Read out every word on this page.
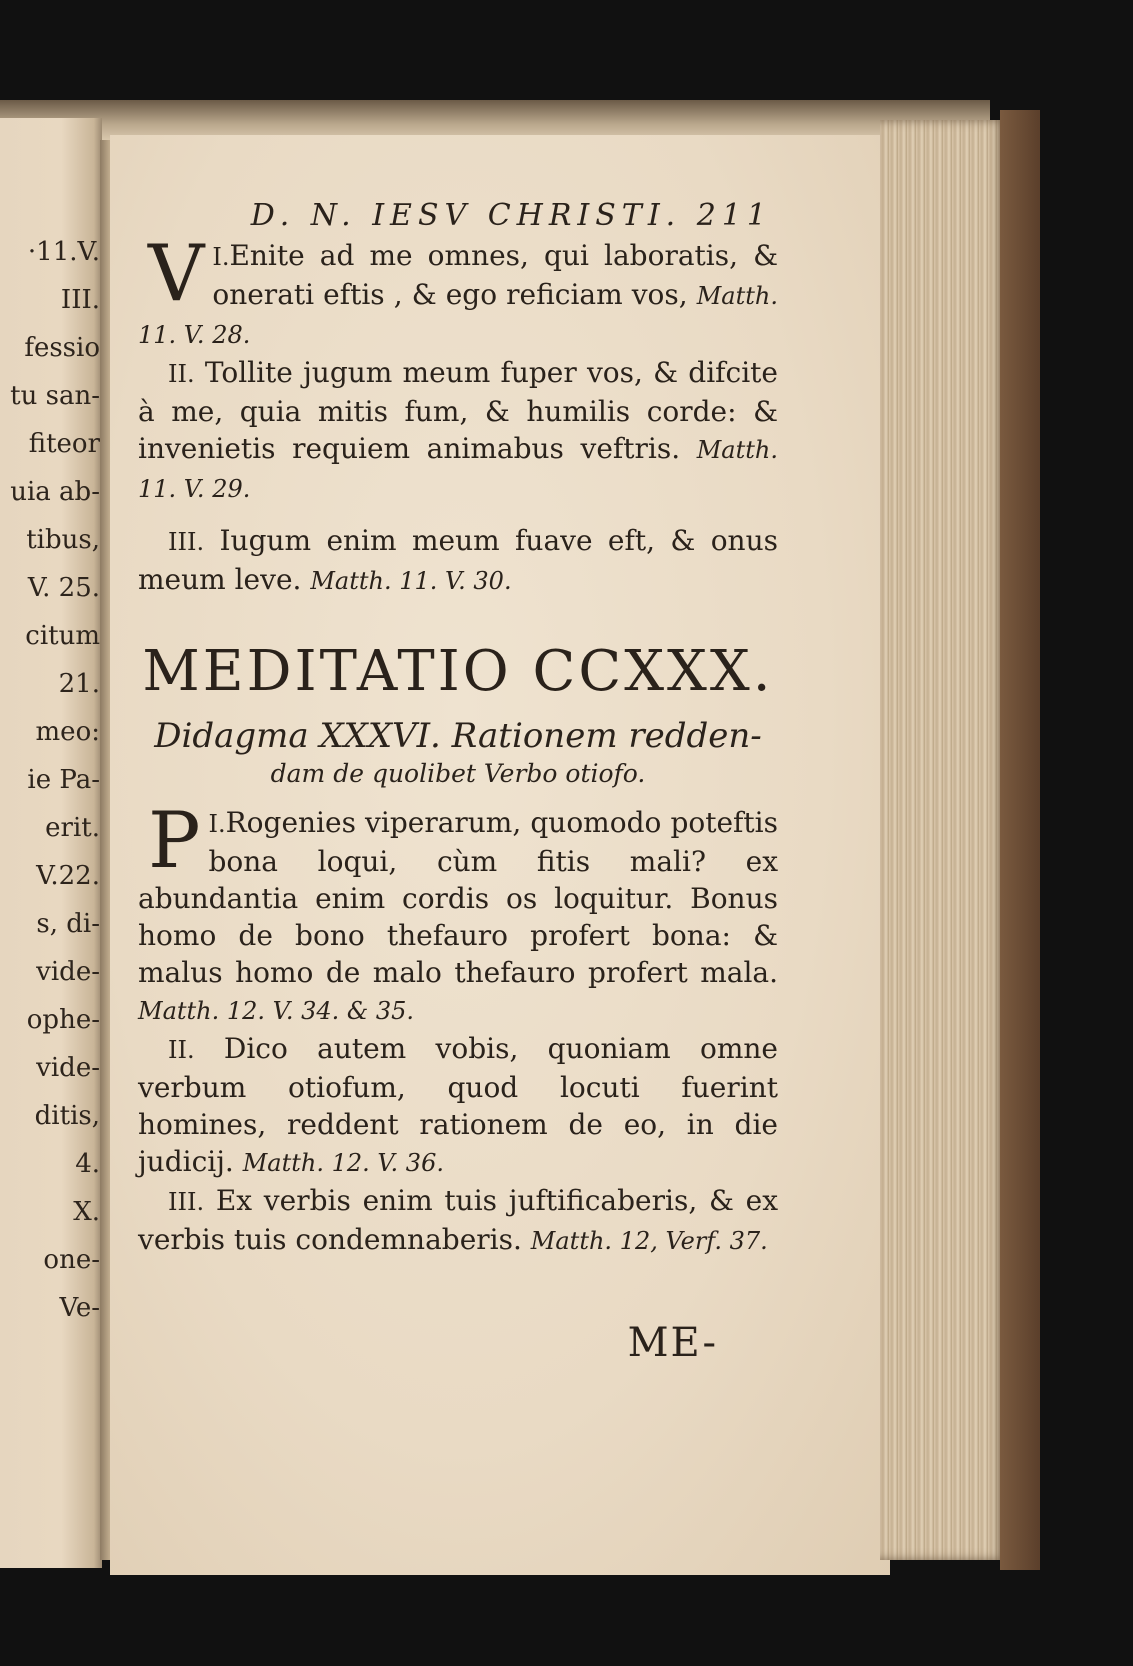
·11.V.
III.
fessio
tu san-
fiteor
uia ab-
tibus,
V. 25.
citum
21.
meo:
ie Pa-
erit.
V.22.
s, di-
vide-
ophe-
vide-
ditis,
4.
X.
one-
Ve-
D. N. IESV CHRISTI. 211

I.
V Enite ad me omnes, qui laboratis, & onerati eftis , & ego reficiam vos, Matth. 11. V. 28.

II. Tollite jugum meum fuper vos, & difcite à me, quia mitis fum, & humilis corde: & invenietis requiem animabus veftris. Matth. 11. V. 29.

III. Iugum enim meum fuave eft, & onus meum leve. Matth. 11. V. 30.

MEDITATIO CCXXX.

Didagma XXXVI. Rationem redden-

dam de quolibet Verbo otiofo.

I.
P Rogenies viperarum, quomodo poteftis bona loqui, cùm fitis mali? ex abundantia enim cordis os loquitur. Bonus homo de bono thefauro profert bona: & malus homo de malo thefauro profert mala. Matth. 12. V. 34. & 35.

II. Dico autem vobis, quoniam omne verbum otiofum, quod locuti fuerint homines, reddent rationem de eo, in die judicij. Matth. 12. V. 36.

III. Ex verbis enim tuis juftificaberis, & ex verbis tuis condemnaberis. Matth. 12, Verf. 37.

ME-
